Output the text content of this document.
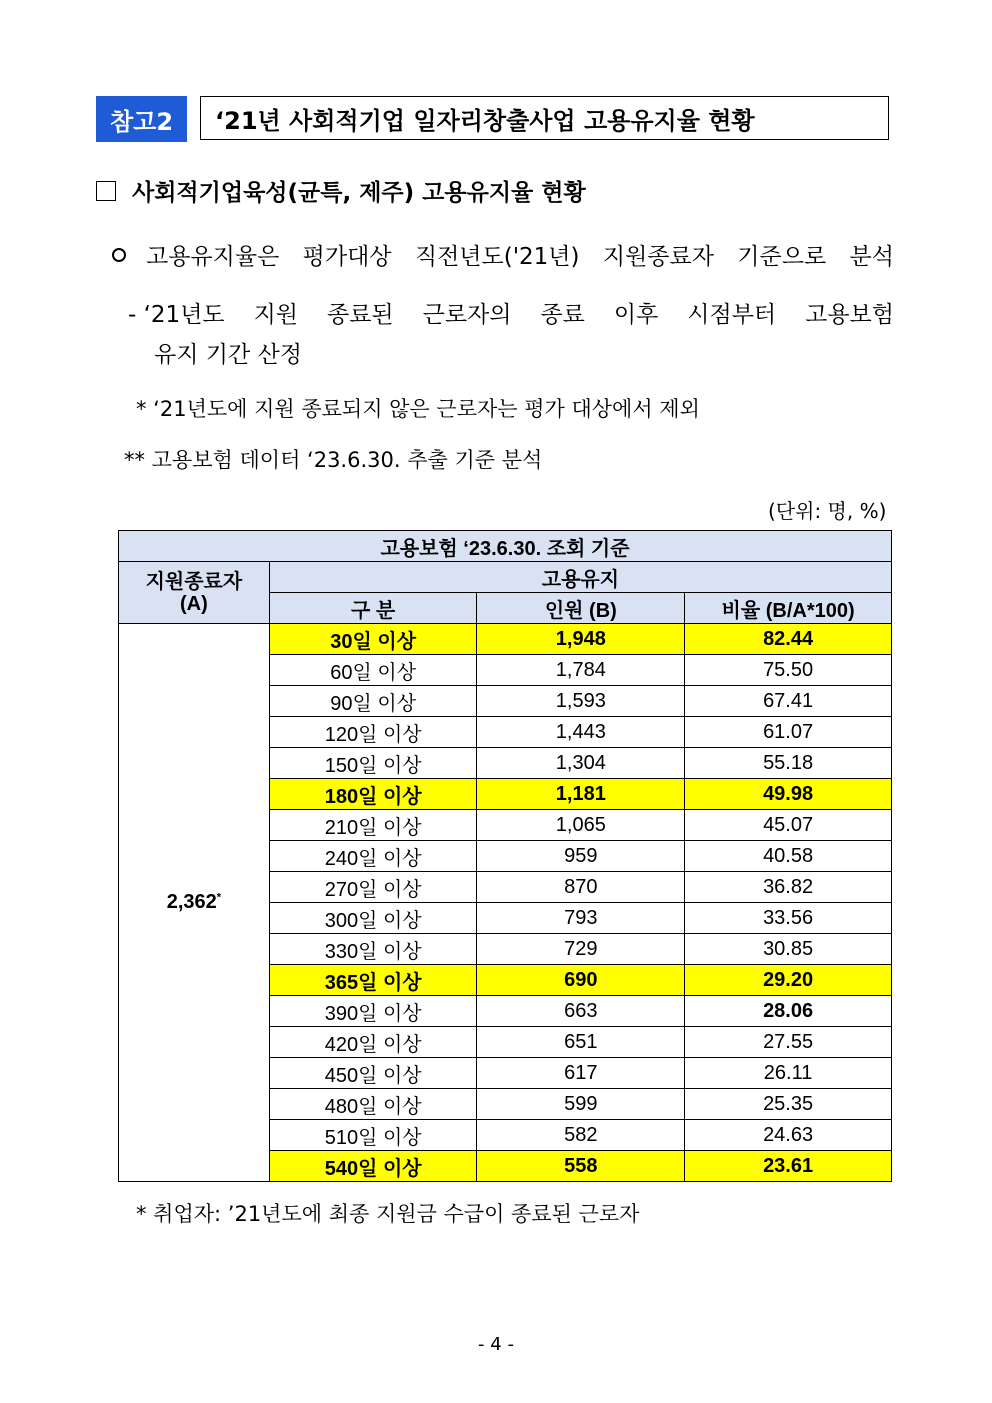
참고2	‘21년 사회적기업 일자리창출사업 고용유지율 현황
사회적기업육성(균특, 제주) 고용유지율 현황
고용유지율은 평가대상 직전년도('21년) 지원종료자 기준으로 분석
- ‘21년도 지원 종료된 근로자의 종료 이후 시점부터 고용보험
유지 기간 산정
* ‘21년도에 지원 종료되지 않은 근로자는 평가 대상에서 제외
** 고용보험 데이터 ‘23.6.30. 추출 기준 분석
(단위: 명, %)
고용보험 ‘23.6.30. 조회 기준			
지원종료자
(A)	고용유지		
	구 분	인원 (B)	비율 (B/A*100)
2,362*	30일 이상	1,948	82.44
	60일 이상	1,784	75.50
	90일 이상	1,593	67.41
	120일 이상	1,443	61.07
	150일 이상	1,304	55.18
	180일 이상	1,181	49.98
	210일 이상	1,065	45.07
	240일 이상	959	40.58
	270일 이상	870	36.82
	300일 이상	793	33.56
	330일 이상	729	30.85
	365일 이상	690	29.20
	390일 이상	663	28.06
	420일 이상	651	27.55
	450일 이상	617	26.11
	480일 이상	599	25.35
	510일 이상	582	24.63
	540일 이상	558	23.61
* 취업자: ’21년도에 최종 지원금 수급이 종료된 근로자
- 4 -
